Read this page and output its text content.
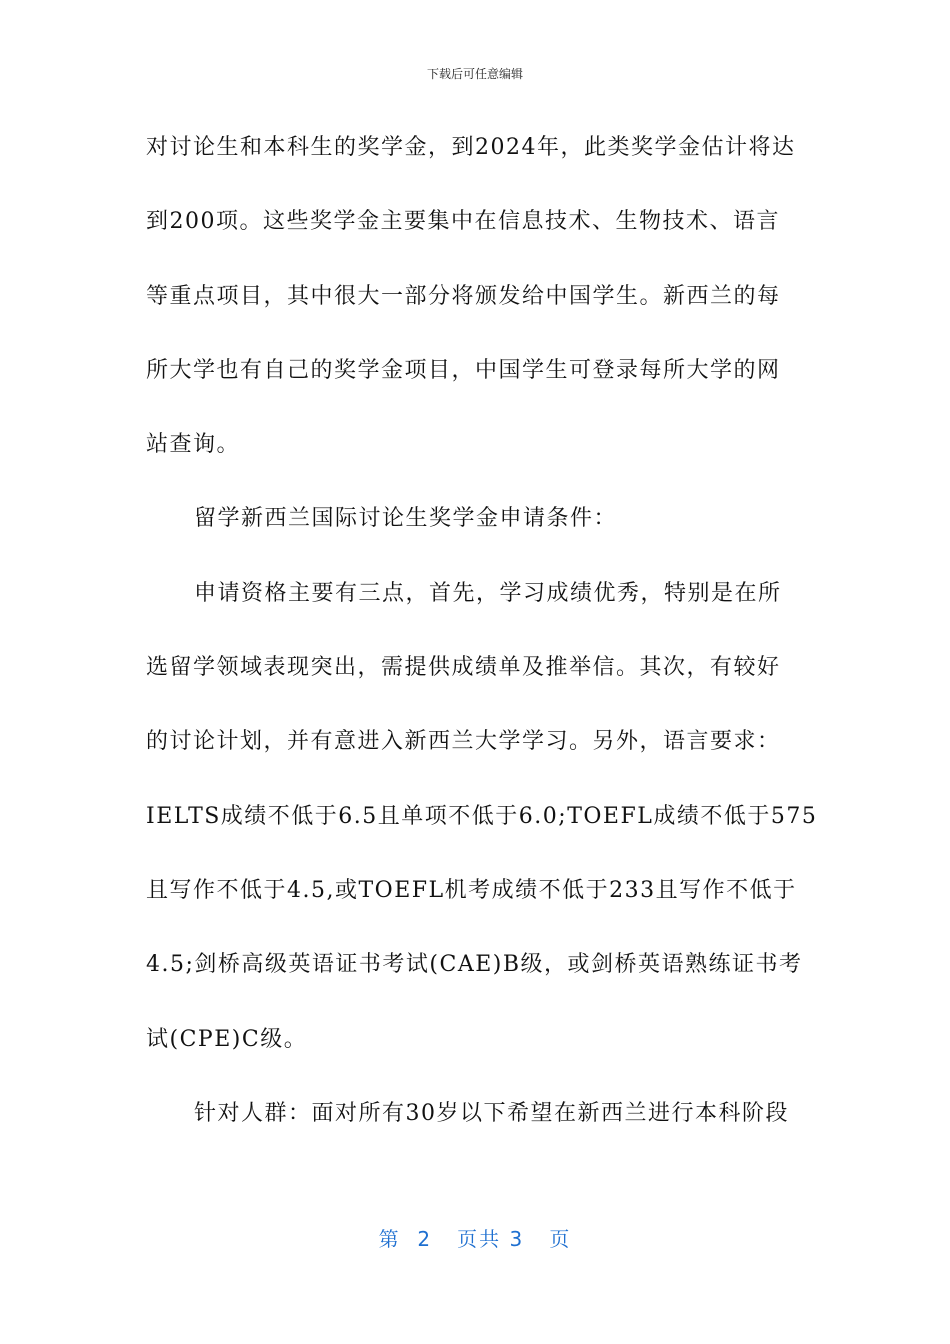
下载后可任意编辑
对讨论生和本科生的奖学金，到2024年，此类奖学金估计将达
到200项。这些奖学金主要集中在信息技术、生物技术、语言
等重点项目，其中很大一部分将颁发给中国学生。新西兰的每
所大学也有自己的奖学金项目，中国学生可登录每所大学的网
站查询。
留学新西兰国际讨论生奖学金申请条件：
申请资格主要有三点，首先，学习成绩优秀，特别是在所
选留学领域表现突出，需提供成绩单及推举信。其次，有较好
的讨论计划，并有意进入新西兰大学学习。另外，语言要求：
IELTS成绩不低于6.5且单项不低于6.0;TOEFL成绩不低于575
且写作不低于4.5,或TOEFL机考成绩不低于233且写作不低于
4.5;剑桥高级英语证书考试(CAE)B级，或剑桥英语熟练证书考
试(CPE)C级。
针对人群：面对所有30岁以下希望在新西兰进行本科阶段
第 2 页共 3 页
